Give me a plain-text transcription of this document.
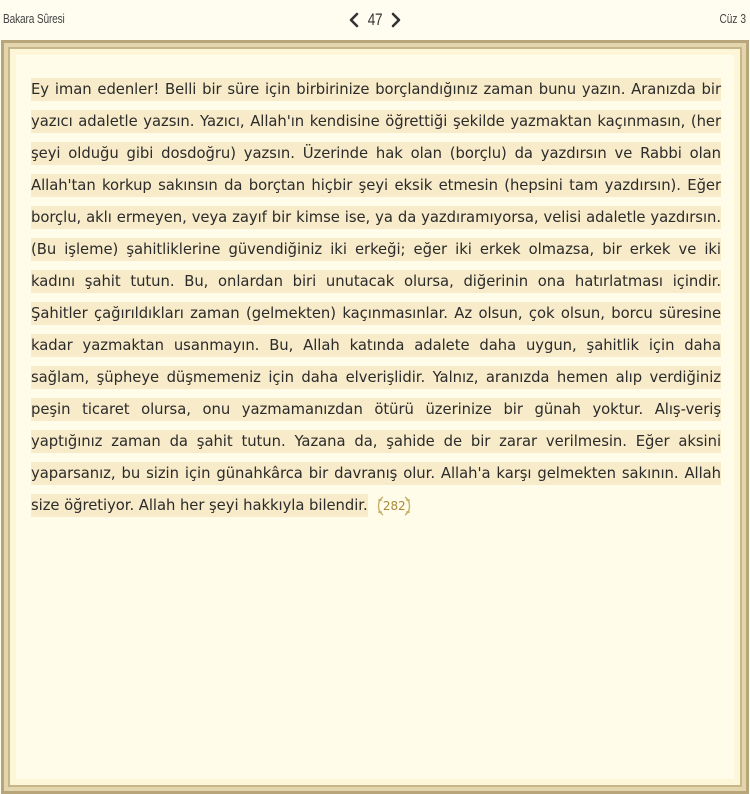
Bakara Sûresi	47	Cüz 3

Ey iman edenler! Belli bir süre için birbirinize borçlandığınız zaman bunu yazın. Aranızda bir yazıcı adaletle yazsın. Yazıcı, Allah'ın kendisine öğrettiği şekilde yazmaktan kaçınmasın, (her şeyi olduğu gibi dosdoğru) yazsın. Üzerinde hak olan (borçlu) da yazdırsın ve Rabbi olan Allah'tan korkup sakınsın da borçtan hiçbir şeyi eksik etmesin (hepsini tam yazdırsın). Eğer borçlu, aklı ermeyen, veya zayıf bir kimse ise, ya da yazdıramıyorsa, velisi adaletle yazdırsın. (Bu işleme) şahitliklerine güvendiğiniz iki erkeği; eğer iki erkek olmazsa, bir erkek ve iki kadını şahit tutun. Bu, onlardan biri unutacak olursa, diğerinin ona hatırlatması içindir. Şahitler çağırıldıkları zaman (gelmekten) kaçınmasınlar. Az olsun, çok olsun, borcu süresine kadar yazmaktan usanmayın. Bu, Allah katında adalete daha uygun, şahitlik için daha sağlam, şüpheye düşmemeniz için daha elverişlidir. Yalnız, aranızda hemen alıp verdiğiniz peşin ticaret olursa, onu yazmamanızdan ötürü üzerinize bir günah yoktur. Alış-veriş yaptığınız zaman da şahit tutun. Yazana da, şahide de bir zarar verilmesin. Eğer aksini yaparsanız, bu sizin için günahkârca bir davranış olur. Allah'a karşı gelmekten sakının. Allah size öğretiyor. Allah her şeyi hakkıyla bilendir. 282
